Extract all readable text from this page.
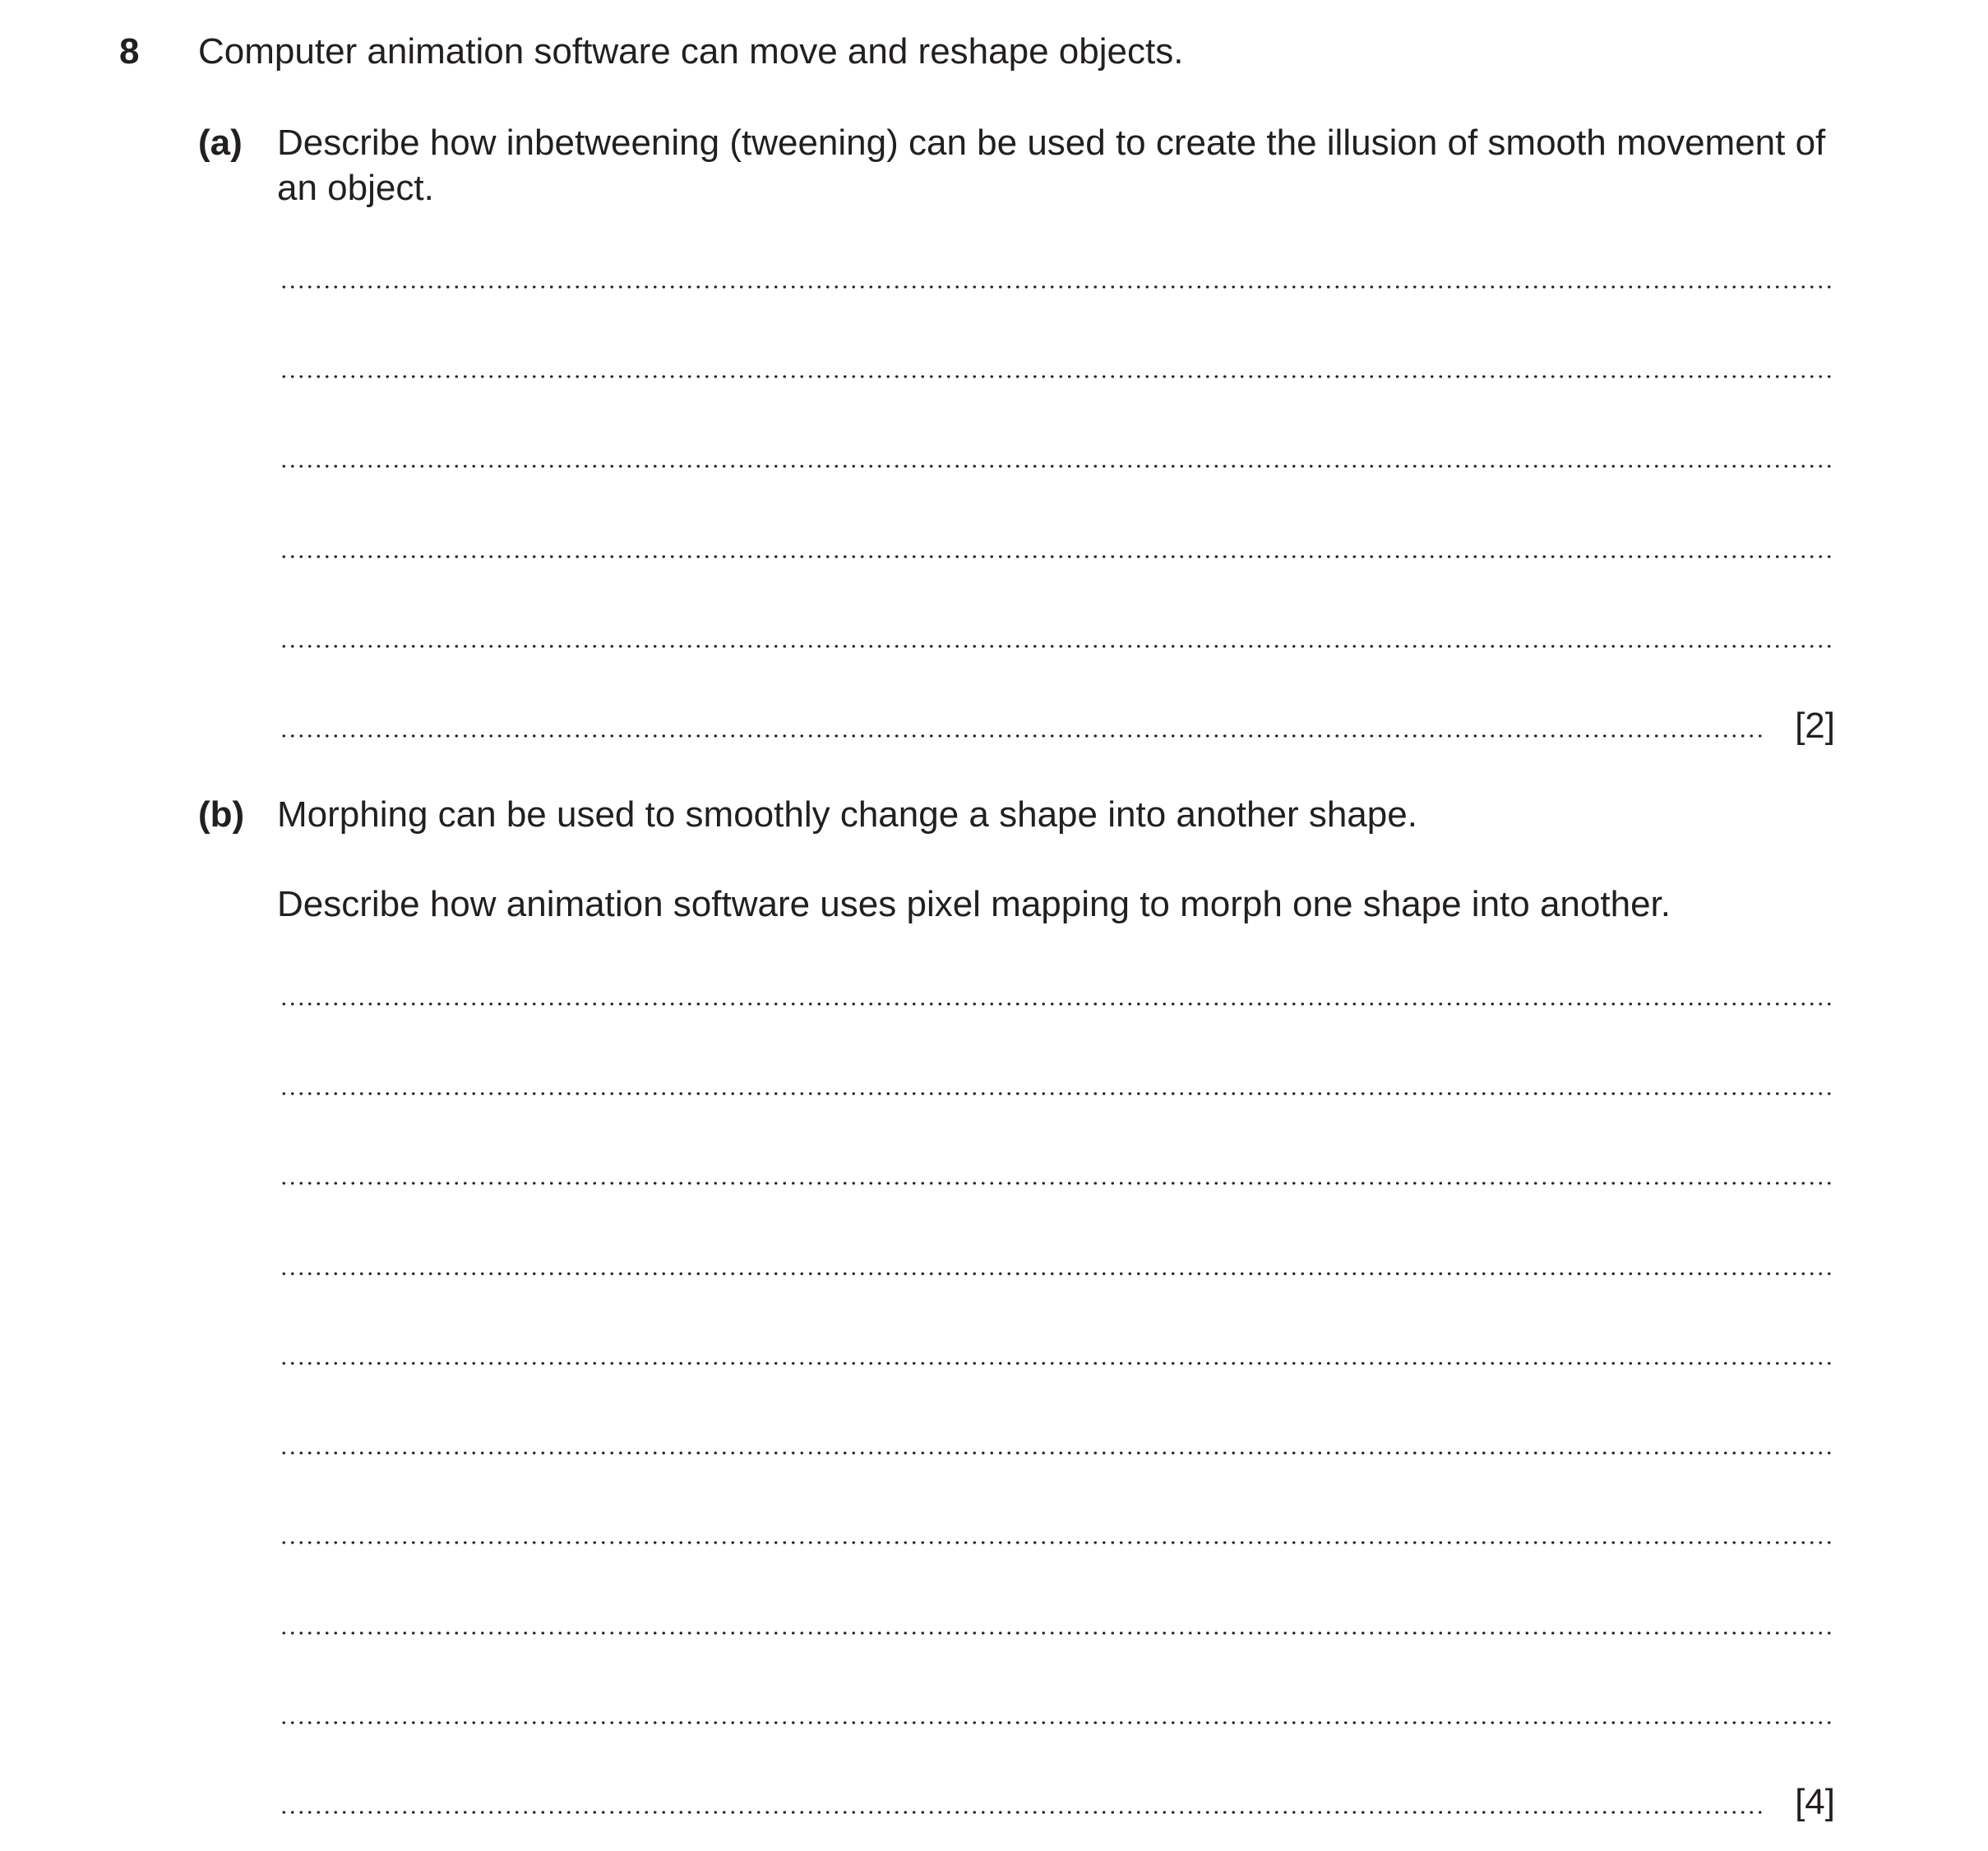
8 Computer animation software can move and reshape objects.
(a) Describe how inbetweening (tweening) can be used to create the illusion of smooth movement of an object.
[2]
(b) Morphing can be used to smoothly change a shape into another shape.
Describe how animation software uses pixel mapping to morph one shape into another.
[4]
